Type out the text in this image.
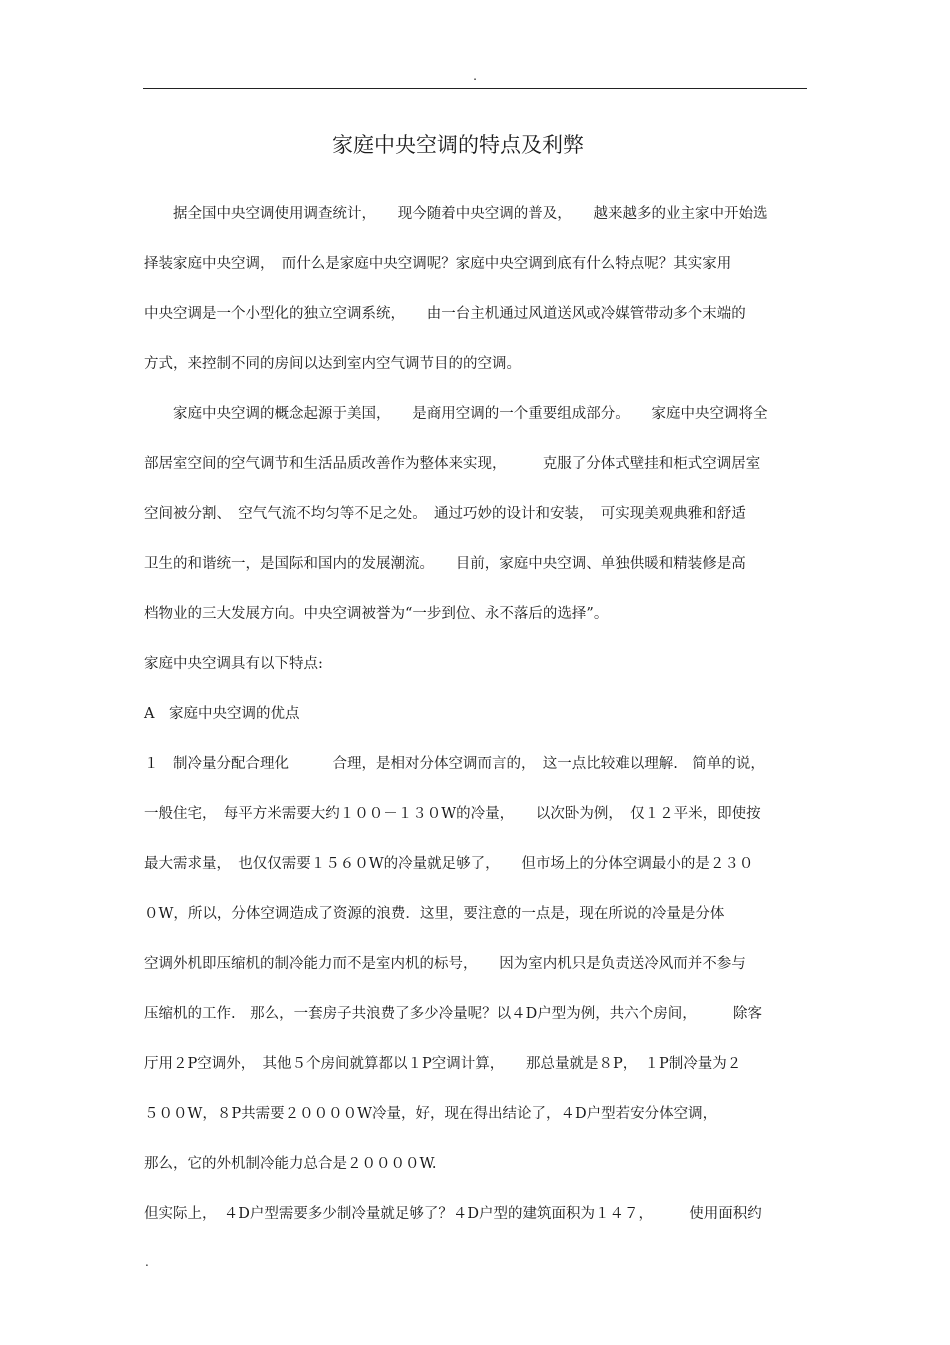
.
家庭中央空调的特点及利弊
　　据全国中央空调使用调查统计，　　现今随着中央空调的普及，　　越来越多的业主家中开始选
择装家庭中央空调，　而什么是家庭中央空调呢？家庭中央空调到底有什么特点呢？其实家用
中央空调是一个小型化的独立空调系统，　　由一台主机通过风道送风或冷媒管带动多个末端的
方式，来控制不同的房间以达到室内空气调节目的的空调。
　　家庭中央空调的概念起源于美国，　　是商用空调的一个重要组成部分。　　家庭中央空调将全
部居室空间的空气调节和生活品质改善作为整体来实现，　　　克服了分体式壁挂和柜式空调居室
空间被分割、　空气气流不均匀等不足之处。　通过巧妙的设计和安装，　可实现美观典雅和舒适
卫生的和谐统一，是国际和国内的发展潮流。　　目前，家庭中央空调、单独供暖和精装修是高
档物业的三大发展方向。中央空调被誉为“一步到位、永不落后的选择”。
家庭中央空调具有以下特点:
A　家庭中央空调的优点
１　制冷量分配合理化　　　合理，是相对分体空调而言的，　这一点比较难以理解.　简单的说，
一般住宅，　每平方米需要大约１００－１３０W的冷量，　　以次卧为例，　仅１２平米，即使按
最大需求量，　也仅仅需要１５６０W的冷量就足够了，　　但市场上的分体空调最小的是２３０
０W，所以，分体空调造成了资源的浪费．这里，要注意的一点是，现在所说的冷量是分体
空调外机即压缩机的制冷能力而不是室内机的标号，　　因为室内机只是负责送冷风而并不参与
压缩机的工作.　那么，一套房子共浪费了多少冷量呢？以４D户型为例，共六个房间，　　　除客
厅用２P空调外，　其他５个房间就算都以１P空调计算，　　那总量就是８P，　１P制冷量为２
５００W，８P共需要２００００W冷量，好，现在得出结论了，４D户型若安分体空调，
那么，它的外机制冷能力总合是２００００W.
但实际上，　４D户型需要多少制冷量就足够了？４D户型的建筑面积为１４７，　　　使用面积约
.
